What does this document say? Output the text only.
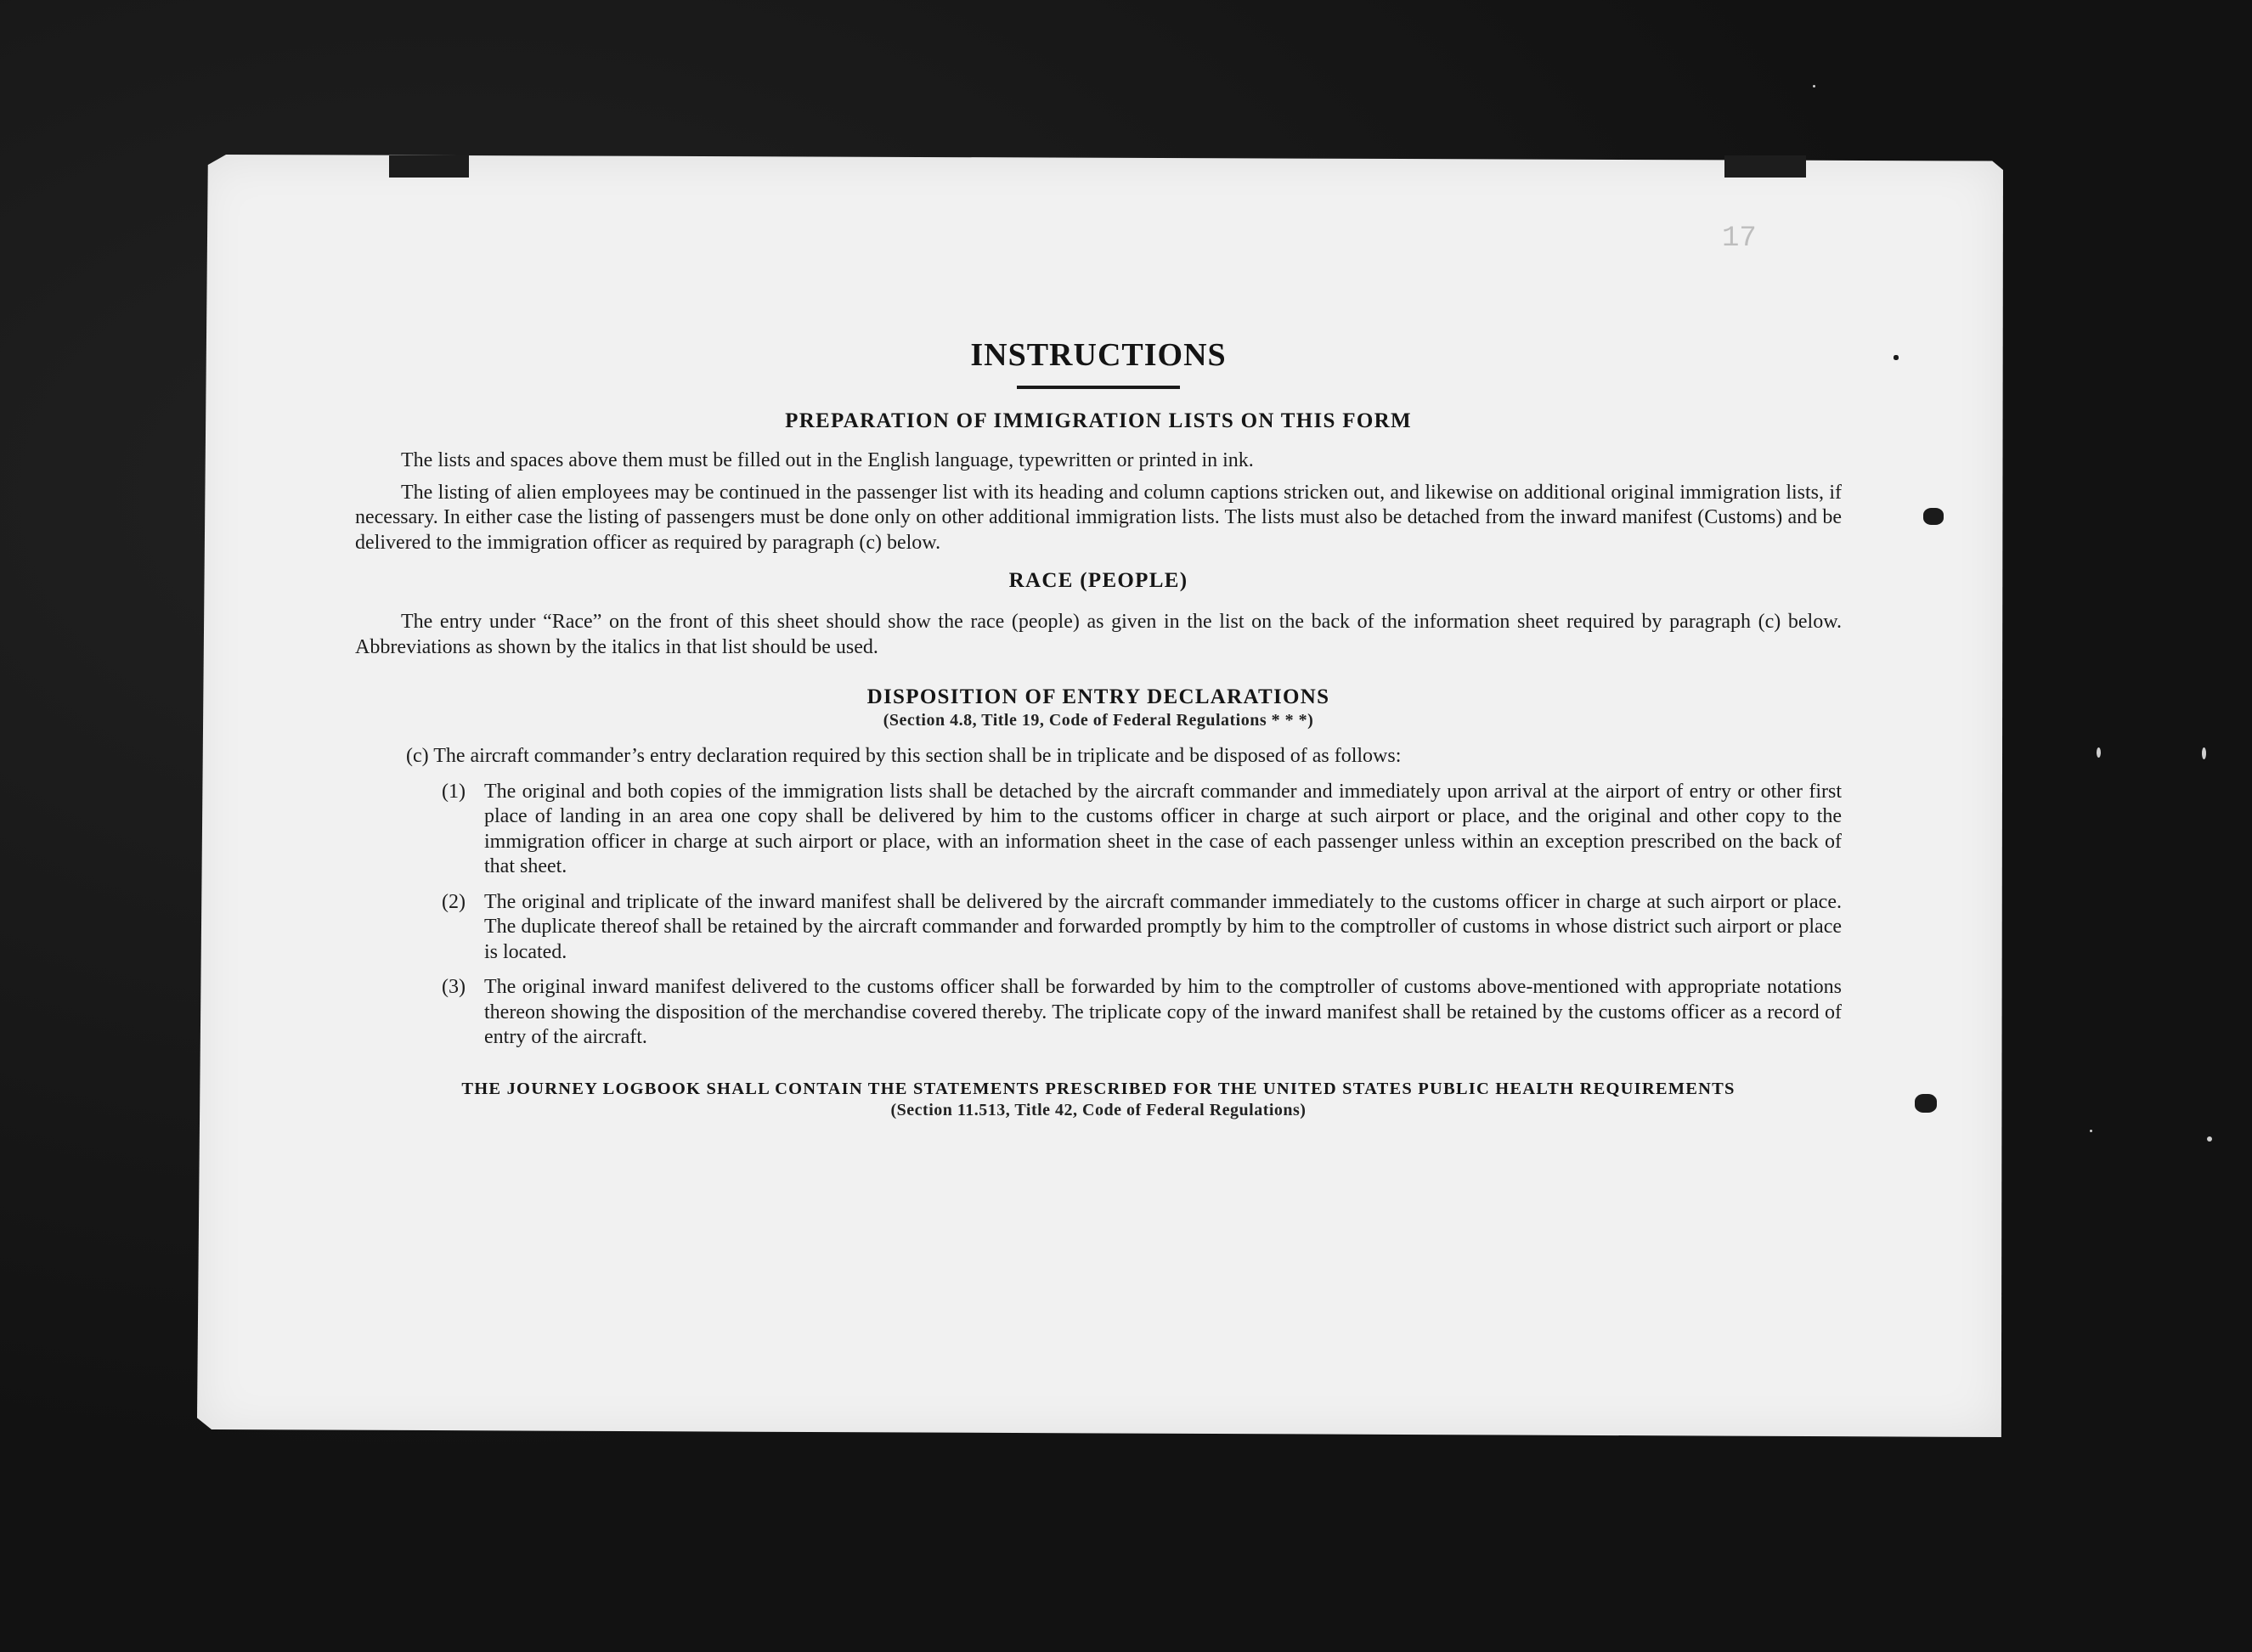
17
INSTRUCTIONS
PREPARATION OF IMMIGRATION LISTS ON THIS FORM

The lists and spaces above them must be filled out in the English language, typewritten or printed in ink.

The listing of alien employees may be continued in the passenger list with its heading and column captions stricken out, and likewise on additional original immigration lists, if necessary. In either case the listing of passengers must be done only on other additional immigration lists. The lists must also be detached from the inward manifest (Customs) and be delivered to the immigration officer as required by paragraph (c) below.

RACE (PEOPLE)

The entry under “Race” on the front of this sheet should show the race (people) as given in the list on the back of the information sheet required by paragraph (c) below. Abbreviations as shown by the italics in that list should be used.

DISPOSITION OF ENTRY DECLARATIONS
(Section 4.8, Title 19, Code of Federal Regulations * * *)

(c) The aircraft commander’s entry declaration required by this section shall be in triplicate and be disposed of as follows:

(1) The original and both copies of the immigration lists shall be detached by the aircraft commander and immediately upon arrival at the airport of entry or other first place of landing in an area one copy shall be delivered by him to the customs officer in charge at such airport or place, and the original and other copy to the immigration officer in charge at such airport or place, with an information sheet in the case of each passenger unless within an exception prescribed on the back of that sheet.
(2) The original and triplicate of the inward manifest shall be delivered by the aircraft commander immediately to the customs officer in charge at such airport or place. The duplicate thereof shall be retained by the aircraft commander and forwarded promptly by him to the comptroller of customs in whose district such airport or place is located.
(3) The original inward manifest delivered to the customs officer shall be forwarded by him to the comptroller of customs above-mentioned with appropriate notations thereon showing the disposition of the merchandise covered thereby. The triplicate copy of the inward manifest shall be retained by the customs officer as a record of entry of the aircraft.
THE JOURNEY LOGBOOK SHALL CONTAIN THE STATEMENTS PRESCRIBED FOR THE UNITED STATES PUBLIC HEALTH REQUIREMENTS
(Section 11.513, Title 42, Code of Federal Regulations)
